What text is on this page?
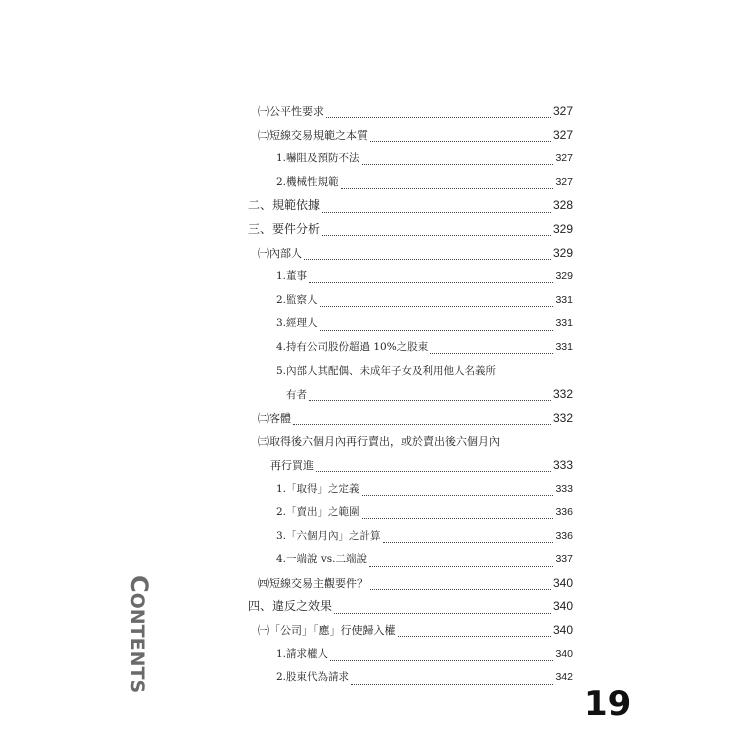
㈠公平性要求	327
㈡短線交易規範之本質	327
1.嚇阻及預防不法	327
2.機械性規範	327
二、規範依據	328
三、要件分析	329
㈠內部人	329
1.董事	329
2.監察人	331
3.經理人	331
4.持有公司股份超過 10%之股東	331
5.內部人其配偶、未成年子女及利用他人名義所
有者	332
㈡客體	332
㈢取得後六個月內再行賣出，或於賣出後六個月內
再行買進	333
1.「取得」之定義	333
2.「賣出」之範圍	336
3.「六個月內」之計算	336
4.一端說 vs.二端說	337
㈣短線交易主觀要件？	340
四、違反之效果	340
㈠「公司」「應」行使歸入權	340
1.請求權人	340
2.股東代為請求	342
CONTENTS
19
